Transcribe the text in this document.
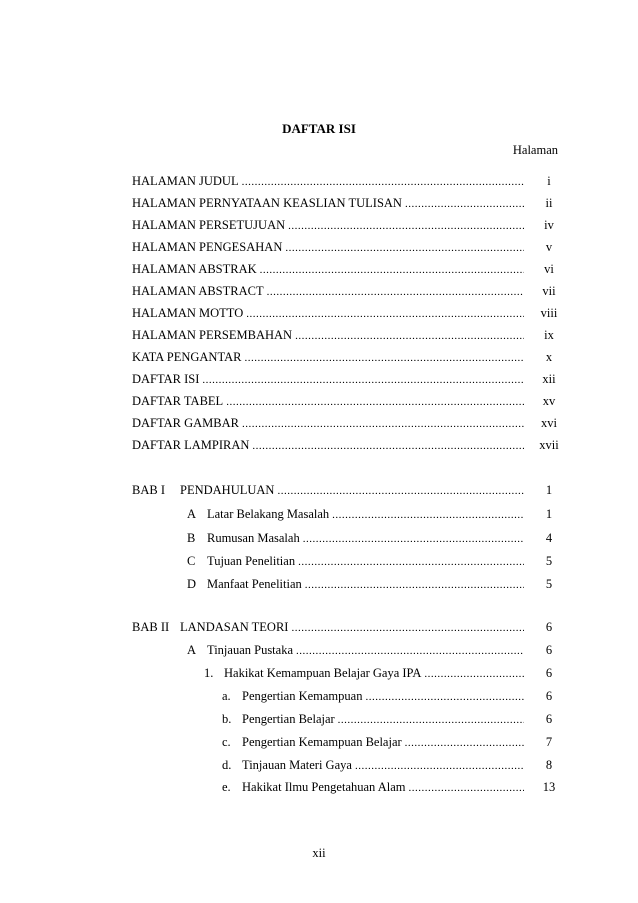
DAFTAR ISI
Halaman
HALAMAN JUDUL .....	i
HALAMAN PERNYATAAN KEASLIAN TULISAN .....	ii
HALAMAN PERSETUJUAN .....	iv
HALAMAN PENGESAHAN .....	v
HALAMAN ABSTRAK .....	vi
HALAMAN ABSTRACT .....	vii
HALAMAN MOTTO .....	viii
HALAMAN PERSEMBAHAN .....	ix
KATA PENGANTAR .....	x
DAFTAR ISI .....	xii
DAFTAR TABEL .....	xv
DAFTAR GAMBAR .....	xvi
DAFTAR LAMPIRAN .....	xvii
BAB I PENDAHULUAN .....	1
A Latar Belakang Masalah .....	1
B Rumusan Masalah .....	4
C Tujuan Penelitian .....	5
D Manfaat Penelitian .....	5
BAB II LANDASAN TEORI .....	6
A Tinjauan Pustaka .....	6
1. Hakikat Kemampuan Belajar Gaya IPA .....	6
a. Pengertian Kemampuan .....	6
b. Pengertian Belajar .....	6
c. Pengertian Kemampuan Belajar .....	7
d. Tinjauan Materi Gaya .....	8
e. Hakikat Ilmu Pengetahuan Alam .....	13
xii
